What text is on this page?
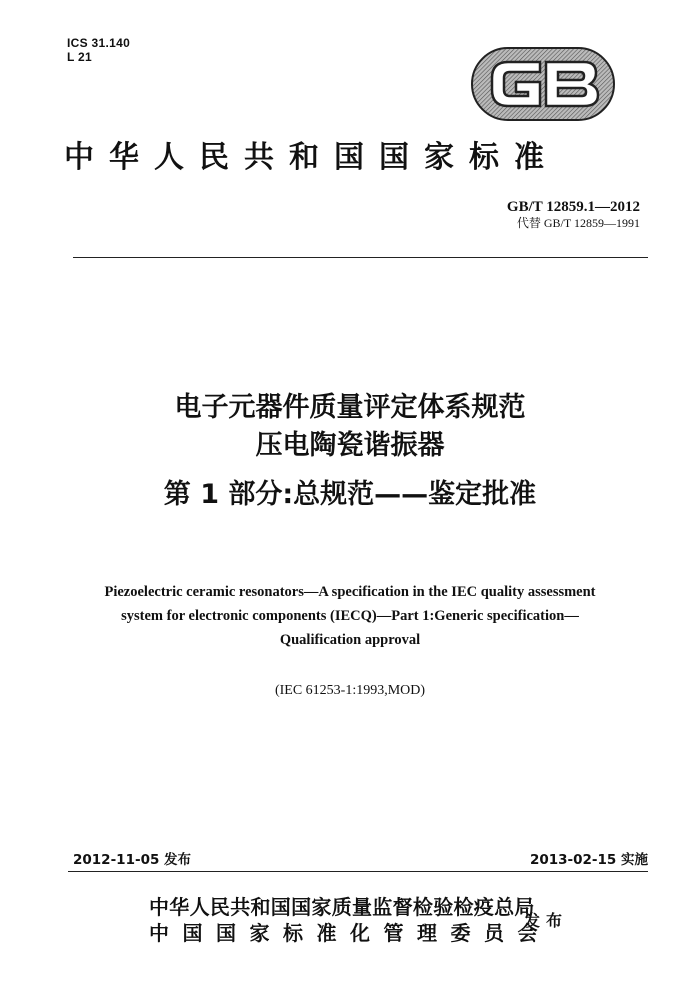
ICS 31.140
L 21
中华人民共和国国家标准
GB/T 12859.1—2012
代替 GB/T 12859—1991
电子元器件质量评定体系规范
压电陶瓷谐振器
第 1 部分:总规范——鉴定批准
Piezoelectric ceramic resonators—A specification in the IEC quality assessment
system for electronic components (IECQ)—Part 1:Generic specification—
Qualification approval
(IEC 61253-1:1993,MOD)
2012-11-05 发布	2013-02-15 实施
中华人民共和国国家质量监督检验检疫总局
中国国家标准化管理委员会
发布
